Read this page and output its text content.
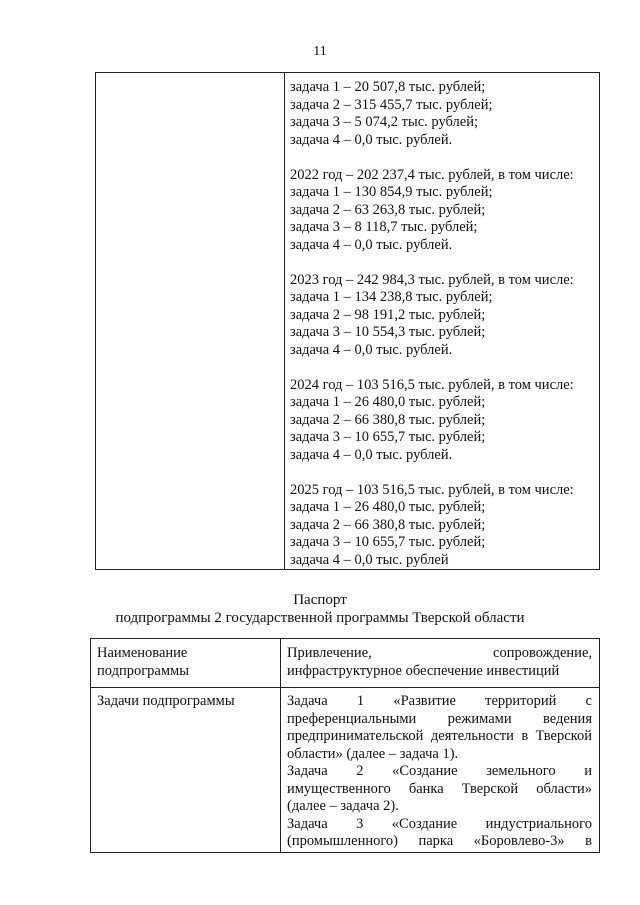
11
задача 1 – 20 507,8 тыс. рублей;
задача 2 – 315 455,7 тыс. рублей;
задача 3 – 5 074,2 тыс. рублей;
задача 4 – 0,0 тыс. рублей.
2022 год – 202 237,4 тыс. рублей, в том числе:
задача 1 – 130 854,9 тыс. рублей;
задача 2 – 63 263,8 тыс. рублей;
задача 3 – 8 118,7 тыс. рублей;
задача 4 – 0,0 тыс. рублей.
2023 год – 242 984,3 тыс. рублей, в том числе:
задача 1 – 134 238,8 тыс. рублей;
задача 2 – 98 191,2 тыс. рублей;
задача 3 – 10 554,3 тыс. рублей;
задача 4 – 0,0 тыс. рублей.
2024 год – 103 516,5 тыс. рублей, в том числе:
задача 1 – 26 480,0 тыс. рублей;
задача 2 – 66 380,8 тыс. рублей;
задача 3 – 10 655,7 тыс. рублей;
задача 4 – 0,0 тыс. рублей.
2025 год – 103 516,5 тыс. рублей, в том числе:
задача 1 – 26 480,0 тыс. рублей;
задача 2 – 66 380,8 тыс. рублей;
задача 3 – 10 655,7 тыс. рублей;
задача 4 – 0,0 тыс. рублей
Паспорт
подпрограммы 2 государственной программы Тверской области
Наименование
подпрограммы
Привлечение, сопровождение,
инфраструктурное обеспечение инвестиций
Задачи подпрограммы	Задача 1 «Развитие территорий с
преференциальными режимами ведения
предпринимательской деятельности в Тверской
области» (далее – задача 1).
Задача 2 «Создание земельного и
имущественного банка Тверской области»
(далее – задача 2).
Задача 3 «Создание индустриального
(промышленного) парка «Боровлево-3» в
